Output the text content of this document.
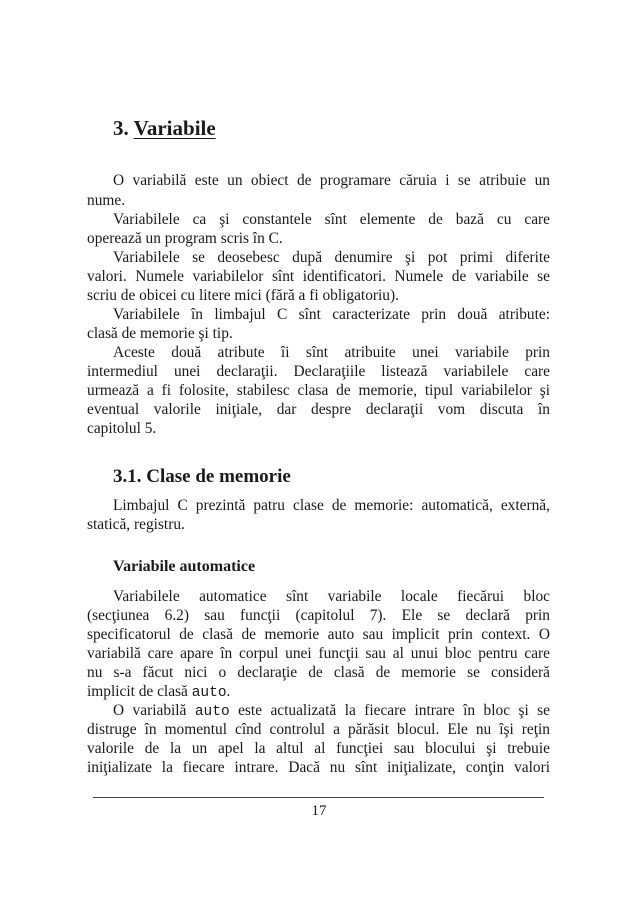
3. Variabile
O variabilă este un obiect de programare căruia i se atribuie un
nume.
Variabilele ca şi constantele sînt elemente de bază cu care
operează un program scris în C.
Variabilele se deosebesc după denumire şi pot primi diferite
valori. Numele variabilelor sînt identificatori. Numele de variabile se
scriu de obicei cu litere mici (fără a fi obligatoriu).
Variabilele în limbajul C sînt caracterizate prin două atribute:
clasă de memorie şi tip.
Aceste două atribute îi sînt atribuite unei variabile prin
intermediul unei declaraţii. Declaraţiile listează variabilele care
urmează a fi folosite, stabilesc clasa de memorie, tipul variabilelor şi
eventual valorile iniţiale, dar despre declaraţii vom discuta în
capitolul 5.
3.1. Clase de memorie
Limbajul C prezintă patru clase de memorie: automatică, externă,
statică, registru.
Variabile automatice
Variabilele automatice sînt variabile locale fiecărui bloc
(secţiunea 6.2) sau funcţii (capitolul 7). Ele se declară prin
specificatorul de clasă de memorie auto sau implicit prin context. O
variabilă care apare în corpul unei funcţii sau al unui bloc pentru care
nu s-a făcut nici o declaraţie de clasă de memorie se consideră
implicit de clasă auto.
O variabilă auto este actualizată la fiecare intrare în bloc şi se
distruge în momentul cînd controlul a părăsit blocul. Ele nu îşi reţin
valorile de la un apel la altul al funcţiei sau blocului şi trebuie
iniţializate la fiecare intrare. Dacă nu sînt iniţializate, conţin valori
17
